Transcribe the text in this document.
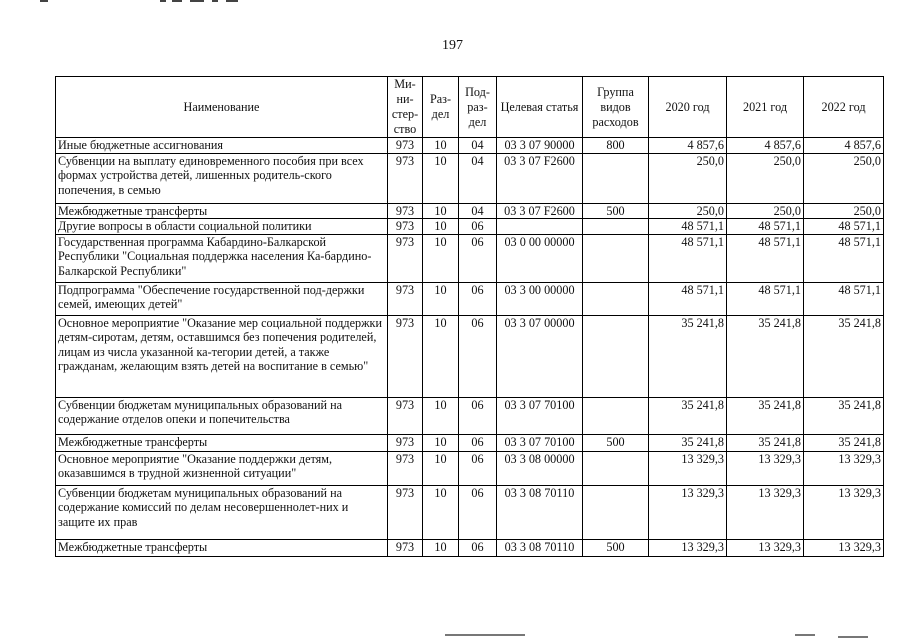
197
Наименование	Ми-ни-стер-ство	Раз-дел	Под-раз-дел	Целевая статья	Группа видов расходов	2020 год	2021 год	2022 год
Иные бюджетные ассигнования	973	10	04	03 3 07 90000	800	4 857,6	4 857,6	4 857,6
Субвенции на выплату единовременного пособия при всех формах устройства детей, лишенных родитель-ского попечения, в семью	973	10	04	03 3 07 F2600		250,0	250,0	250,0
Межбюджетные трансферты	973	10	04	03 3 07 F2600	500	250,0	250,0	250,0
Другие вопросы в области социальной политики	973	10	06			48 571,1	48 571,1	48 571,1
Государственная программа Кабардино-Балкарской Республики "Социальная поддержка населения Ка-бардино-Балкарской Республики"	973	10	06	03 0 00 00000		48 571,1	48 571,1	48 571,1
Подпрограмма "Обеспечение государственной под-держки семей, имеющих детей"	973	10	06	03 3 00 00000		48 571,1	48 571,1	48 571,1
Основное мероприятие "Оказание мер социальной поддержки детям-сиротам, детям, оставшимся без попечения родителей, лицам из числа указанной ка-тегории детей, а также гражданам, желающим взять детей на воспитание в семью"	973	10	06	03 3 07 00000		35 241,8	35 241,8	35 241,8
Субвенции бюджетам муниципальных образований на содержание отделов опеки и попечительства	973	10	06	03 3 07 70100		35 241,8	35 241,8	35 241,8
Межбюджетные трансферты	973	10	06	03 3 07 70100	500	35 241,8	35 241,8	35 241,8
Основное мероприятие "Оказание поддержки детям, оказавшимся в трудной жизненной ситуации"	973	10	06	03 3 08 00000		13 329,3	13 329,3	13 329,3
Субвенции бюджетам муниципальных образований на содержание комиссий по делам несовершеннолет-них и защите их прав	973	10	06	03 3 08 70110		13 329,3	13 329,3	13 329,3
Межбюджетные трансферты	973	10	06	03 3 08 70110	500	13 329,3	13 329,3	13 329,3
